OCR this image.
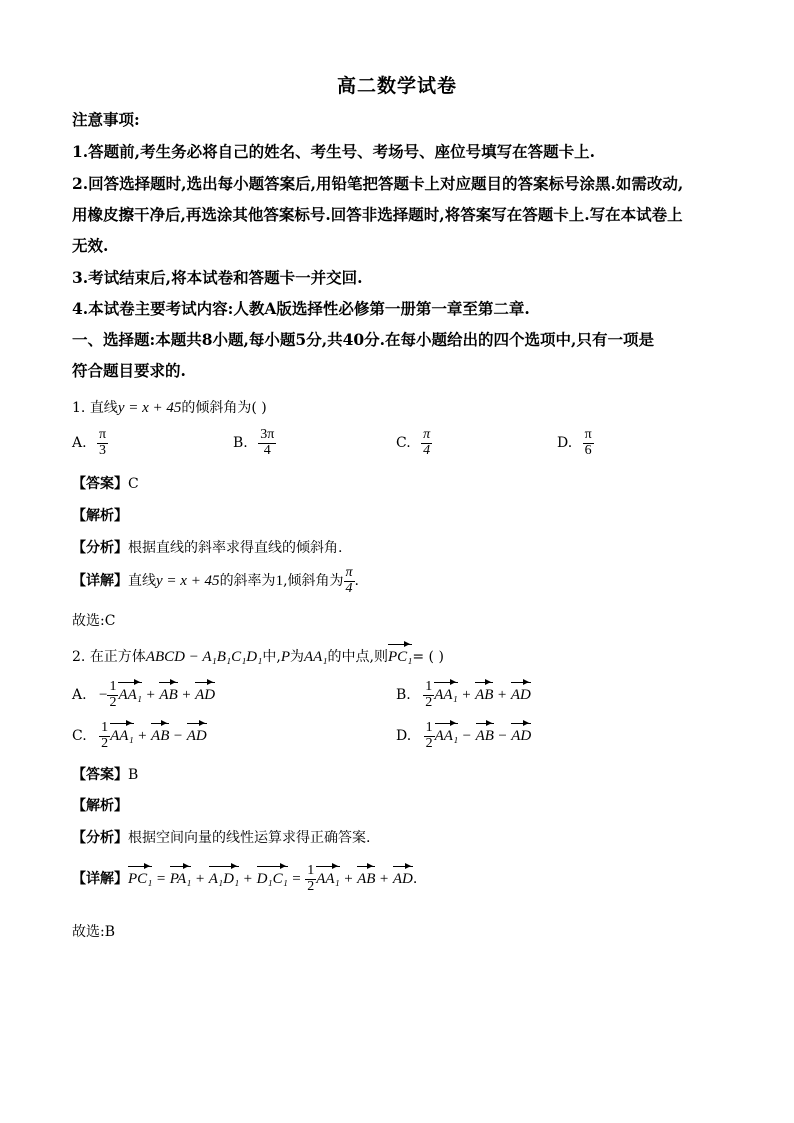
高二数学试卷
注意事项:
1.答题前,考生务必将自己的姓名、考生号、考场号、座位号填写在答题卡上.
2.回答选择题时,选出每小题答案后,用铅笔把答题卡上对应题目的答案标号涂黑.如需改动,
用橡皮擦干净后,再选涂其他答案标号.回答非选择题时,将答案写在答题卡上.写在本试卷上
无效.
3.考试结束后,将本试卷和答题卡一并交回.
4.本试卷主要考试内容:人教A版选择性必修第一册第一章至第二章.
一、选择题:本题共8小题,每小题5分,共40分.在每小题给出的四个选项中,只有一项是
符合题目要求的.
1. 直线y = x + 45的倾斜角为( )
A. $\frac{\pi}{3}$	B. $\frac{3\pi}{4}$	C. $\frac{\pi}{4}$	D. $\frac{\pi}{6}$
【答案】C
【解析】
【分析】根据直线的斜率求得直线的倾斜角.
【详解】直线y = x + 45的斜率为1,倾斜角为 $\frac{\pi}{4}$ .
故选:C
2. 在正方体ABCD − A₁B₁C₁D₁中,P为AA₁的中点,则PC₁= ( )
A. − $\frac{1}{2} AA_1$ + AB + AD	B. $\frac{1}{2} AA_1$ + AB + AD
C. $\frac{1}{2} AA_1$ + AB − AD	D. $\frac{1}{2} AA_1$ − AB − AD
【答案】B
【解析】
【分析】根据空间向量的线性运算求得正确答案.
【详解】$PC_1 = PA_1 + A_1D_1 + D_1C_1 = \frac{1}{2} AA_1$ + AB + AD.
故选:B
